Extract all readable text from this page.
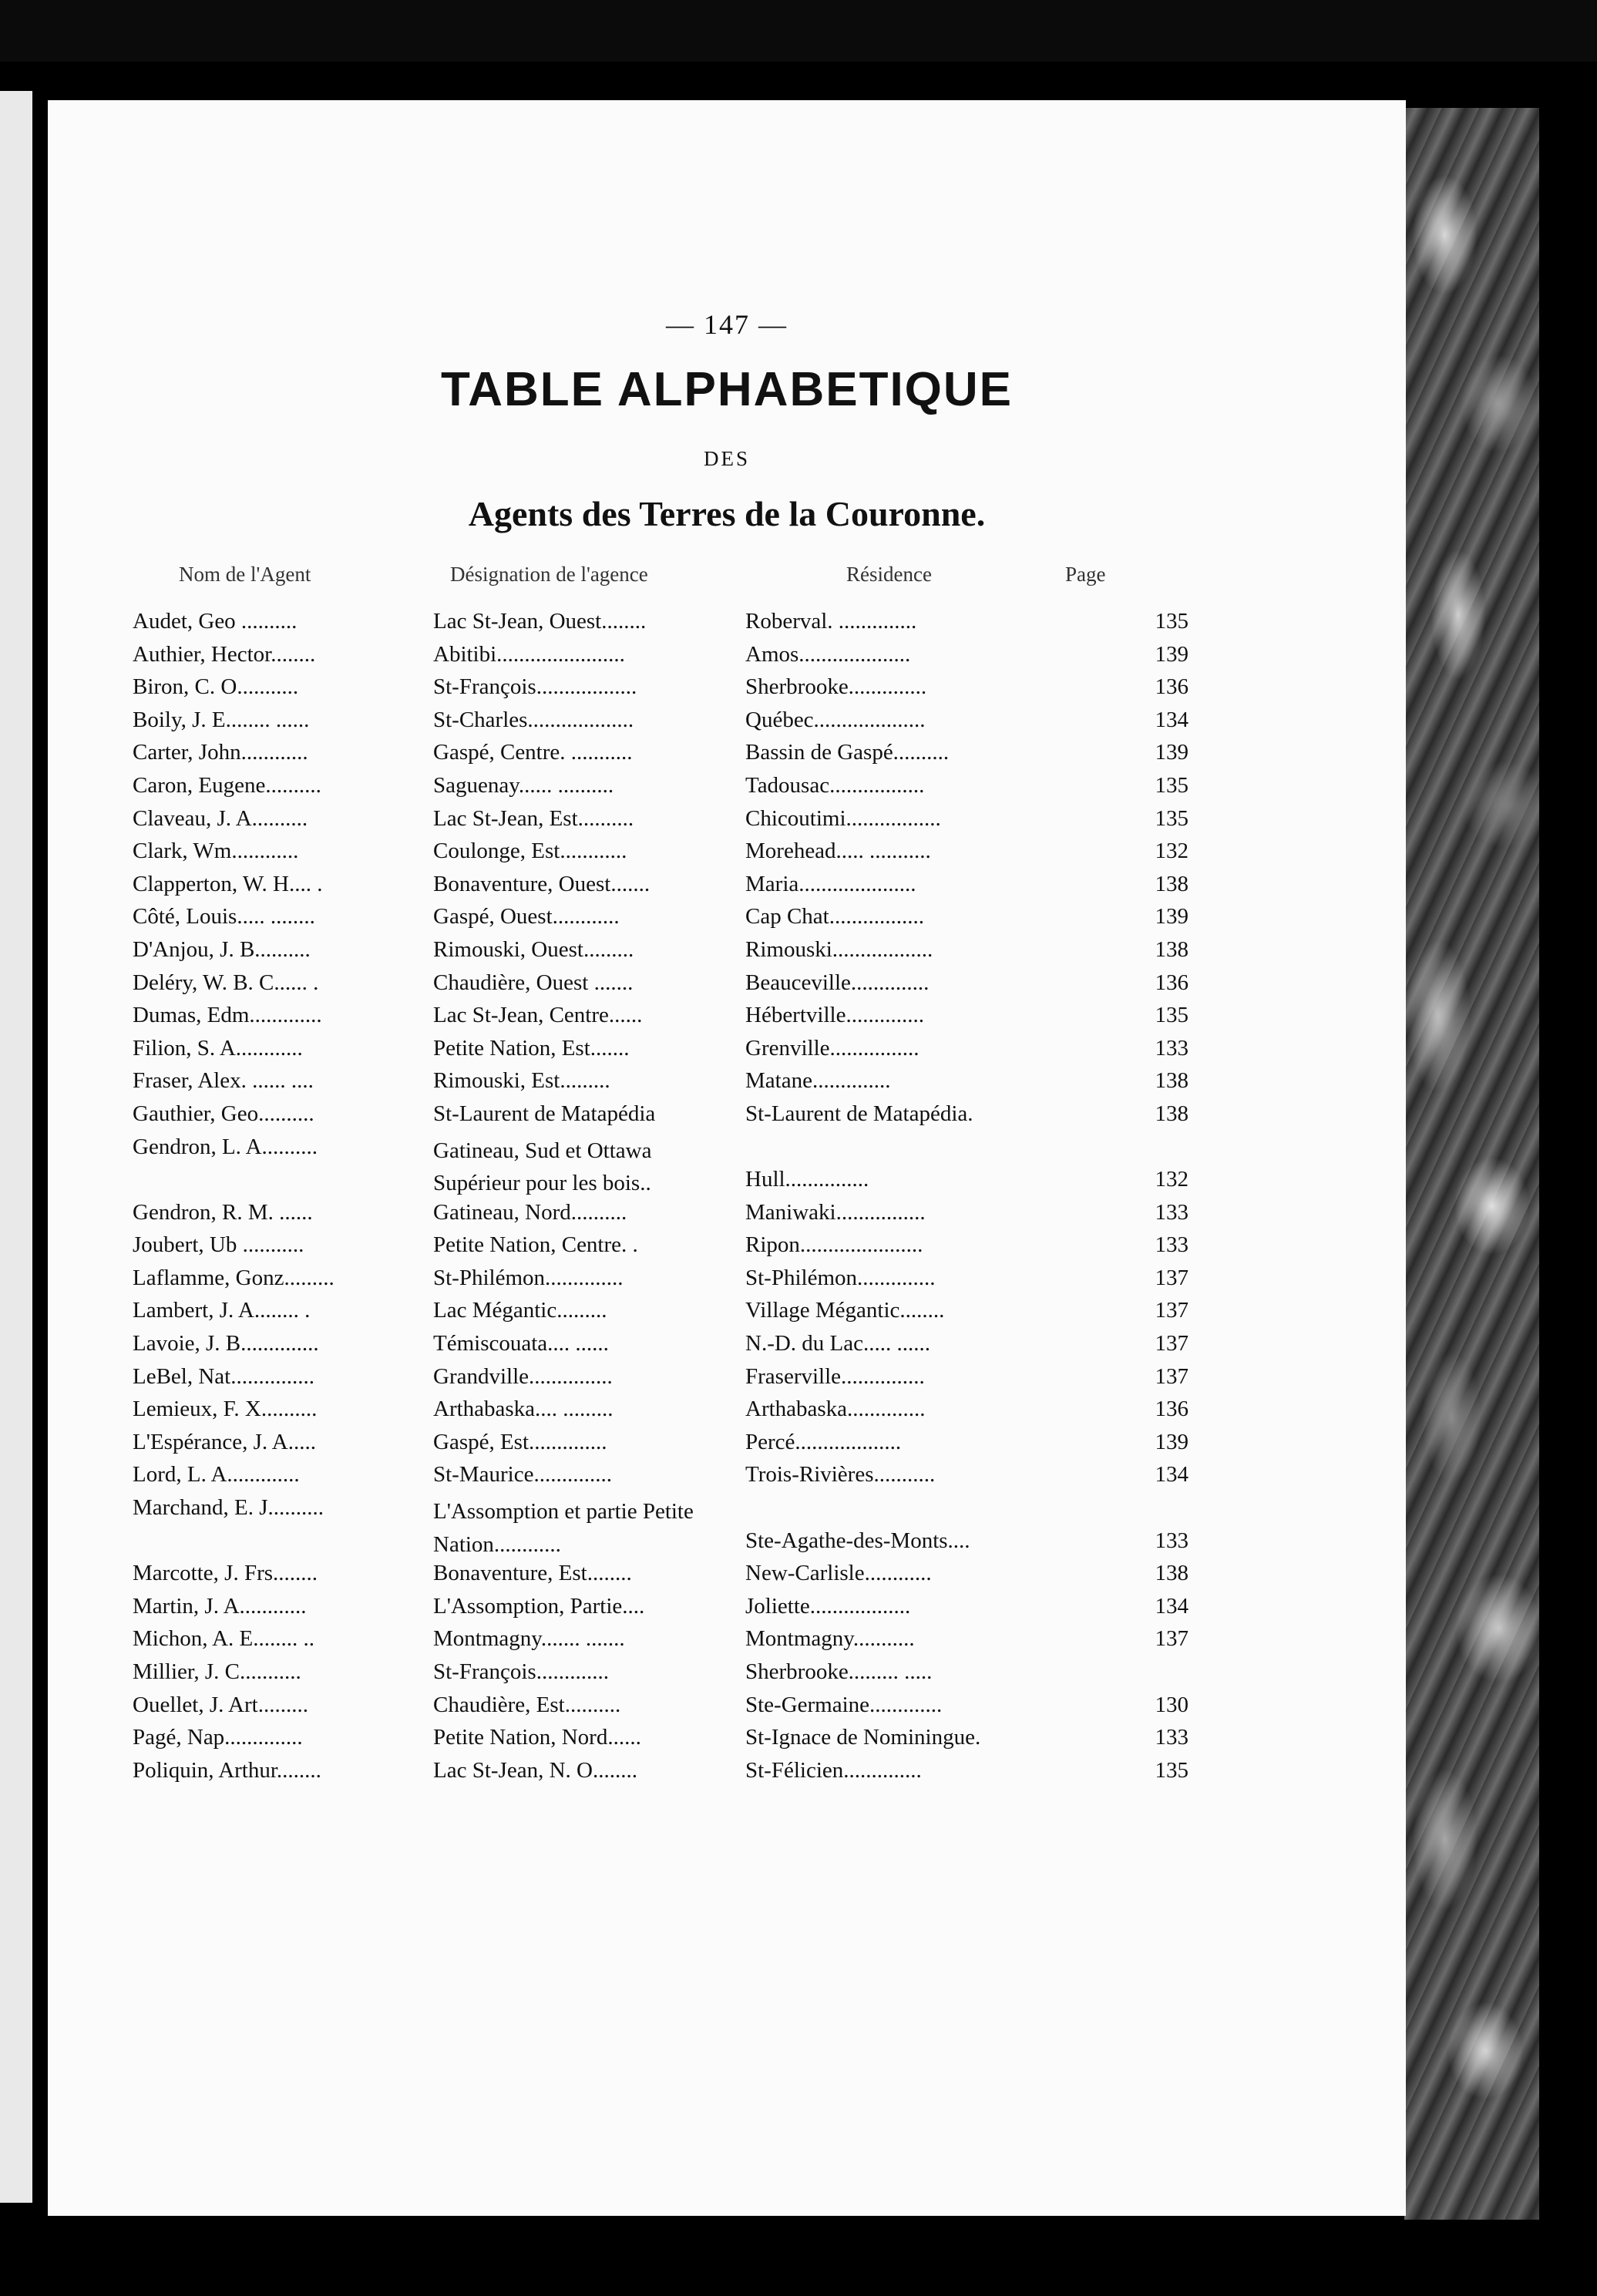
— 147 —
TABLE ALPHABETIQUE
DES
Agents des Terres de la Couronne.
Nom de l'Agent	Désignation de l'agence	Résidence	Page
Audet, Geo ..........	Lac St-Jean, Ouest........	Roberval. ..............	135
Authier, Hector........	Abitibi.......................	Amos....................	139
Biron, C. O...........	St-François..................	Sherbrooke..............	136
Boily, J. E........ ......	St-Charles...................	Québec....................	134
Carter, John............	Gaspé, Centre. ...........	Bassin de Gaspé..........	139
Caron, Eugene..........	Saguenay...... ..........	Tadousac.................	135
Claveau, J. A..........	Lac St-Jean, Est..........	Chicoutimi.................	135
Clark, Wm............	Coulonge, Est............	Morehead..... ...........	132
Clapperton, W. H.... .	Bonaventure, Ouest.......	Maria.....................	138
Côté, Louis..... ........	Gaspé, Ouest............	Cap Chat.................	139
D'Anjou, J. B..........	Rimouski, Ouest.........	Rimouski..................	138
Deléry, W. B. C...... .	Chaudière, Ouest .......	Beauceville..............	136
Dumas, Edm.............	Lac St-Jean, Centre......	Hébertville..............	135
Filion, S. A............	Petite Nation, Est.......	Grenville................	133
Fraser, Alex. ...... ....	Rimouski, Est.........	Matane..............	138
Gauthier, Geo..........	St-Laurent de Matapédia	St-Laurent de Matapédia.	138
Gendron, L. A..........	Gatineau, Sud et Ottawa Supérieur pour les bois..	Hull...............	132
Gendron, R. M. ......	Gatineau, Nord..........	Maniwaki................	133
Joubert, Ub ...........	Petite Nation, Centre. .	Ripon......................	133
Laflamme, Gonz.........	St-Philémon..............	St-Philémon..............	137
Lambert, J. A........ .	Lac Mégantic.........	Village Mégantic........	137
Lavoie, J. B..............	Témiscouata.... ......	N.-D. du Lac..... ......	137
LeBel, Nat...............	Grandville...............	Fraserville...............	137
Lemieux, F. X..........	Arthabaska.... .........	Arthabaska..............	136
L'Espérance, J. A.....	Gaspé, Est..............	Percé...................	139
Lord, L. A.............	St-Maurice..............	Trois-Rivières...........	134
Marchand, E. J..........	L'Assomption et partie Petite Nation............	Ste-Agathe-des-Monts....	133
Marcotte, J. Frs........	Bonaventure, Est........	New-Carlisle............	138
Martin, J. A............	L'Assomption, Partie....	Joliette..................	134
Michon, A. E........ ..	Montmagny....... .......	Montmagny...........	137
Millier, J. C...........	St-François.............	Sherbrooke......... .....
Ouellet, J. Art.........	Chaudière, Est..........	Ste-Germaine.............	130
Pagé, Nap..............	Petite Nation, Nord......	St-Ignace de Nominingue.	133
Poliquin, Arthur........	Lac St-Jean, N. O........	St-Félicien..............	135
